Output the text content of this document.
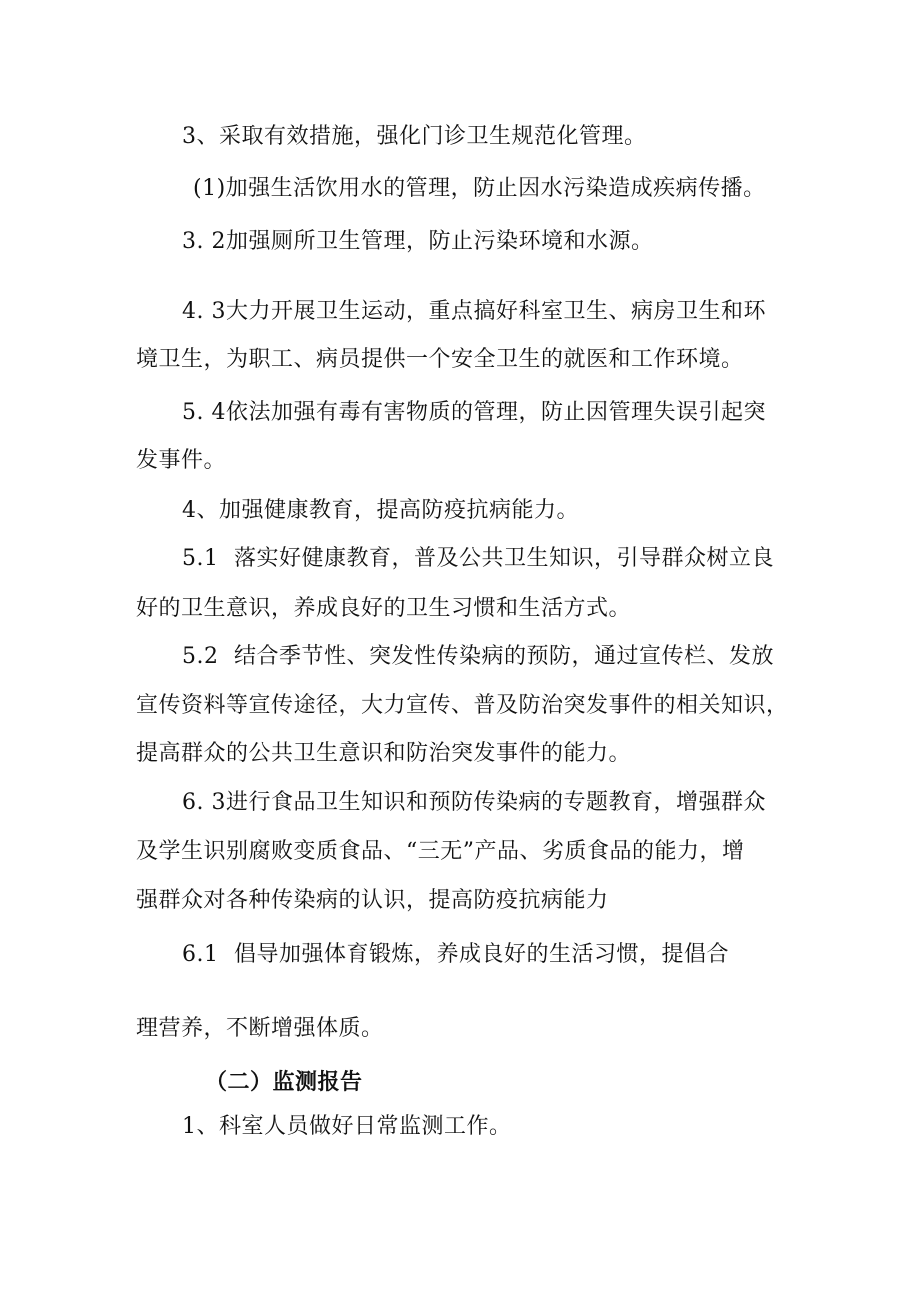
3、采取有效措施，强化门诊卫生规范化管理。
(1)加强生活饮用水的管理，防止因水污染造成疾病传播。
3. 2加强厕所卫生管理，防止污染环境和水源。
4. 3大力开展卫生运动，重点搞好科室卫生、病房卫生和环
境卫生，为职工、病员提供一个安全卫生的就医和工作环境。
5. 4依法加强有毒有害物质的管理，防止因管理失误引起突
发事件。
4、加强健康教育，提高防疫抗病能力。
5.1 落实好健康教育，普及公共卫生知识，引导群众树立良
好的卫生意识，养成良好的卫生习惯和生活方式。
5.2 结合季节性、突发性传染病的预防，通过宣传栏、发放
宣传资料等宣传途径，大力宣传、普及防治突发事件的相关知识，
提高群众的公共卫生意识和防治突发事件的能力。
6. 3进行食品卫生知识和预防传染病的专题教育，增强群众
及学生识别腐败变质食品、“三无”产品、劣质食品的能力，增
强群众对各种传染病的认识，提高防疫抗病能力
6.1 倡导加强体育锻炼，养成良好的生活习惯，提倡合
理营养，不断增强体质。
（二）监测报告
1、科室人员做好日常监测工作。
